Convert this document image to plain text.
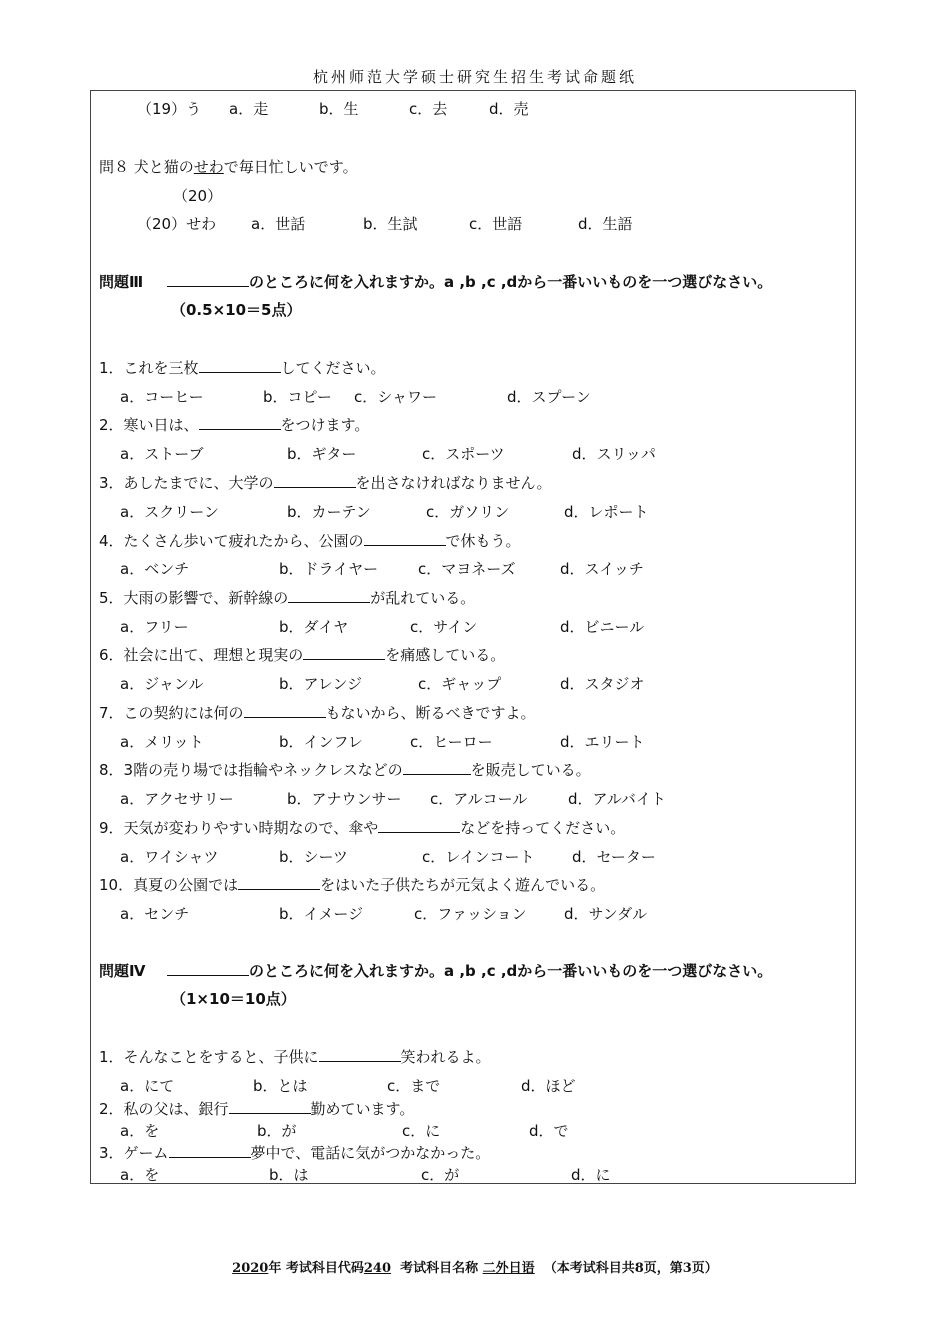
杭州师范大学硕士研究生招生考试命题纸
（19）う a．走	b．生	c．去	d．売
問８ 犬と猫のせわで毎日忙しいです。
（20）
（20）せわ a．世話	b．生試	c．世語	d．生語
問題Ⅲ	のところに何を入れますか。a ,b ,c ,dから一番いいものを一つ選びなさい。
（0.5×10＝5点）
1．これを三枚	してください。
a．コーヒー	b．コピー c．シャワー	d．スプーン
2．寒い日は、	をつけます。
a．ストーブ	b．ギター	c．スポーツ	d．スリッパ
3．あしたまでに、大学の	を出さなければなりません。
a．スクリーン	b．カーテン	c．ガソリン	d．レポート
4．たくさん歩いて疲れたから、公園の	で休もう。
a．ベンチ	b．ドライヤー	c．マヨネーズ	d．スイッチ
5．大雨の影響で、新幹線の	が乱れている。
a．フリー	b．ダイヤ	c．サイン	d．ビニール
6．社会に出て、理想と現実の	を痛感している。
a．ジャンル	b．アレンジ	c．ギャップ	d．スタジオ
7．この契約には何の	もないから、断るべきですよ。
a．メリット	b．インフレ	c．ヒーロー	d．エリート
8．3階の売り場では指輪やネックレスなどの	を販売している。
a．アクセサリー	b．アナウンサー c．アルコール	d．アルバイト
9．天気が変わりやすい時期なので、傘や	などを持ってください。
a．ワイシャツ	b．シーツ	c．レインコート	d．セーター
10．真夏の公園では	をはいた子供たちが元気よく遊んでいる。
a．センチ	b．イメージ	c．ファッション d．サンダル
問題Ⅳ	のところに何を入れますか。a ,b ,c ,dから一番いいものを一つ選びなさい。
（1×10＝10点）
1．そんなことをすると、子供に	笑われるよ。
a．にて	b．とは	c．まで	d．ほど
2．私の父は、銀行	勤めています。
a．を	b．が	c．に	d．で
3．ゲーム	夢中で、電話に気がつかなかった。
a．を	b．は	c．が	d．に
2020年 考试科目代码240 考试科目名称 二外日语 （本考试科目共8页，第3页）
